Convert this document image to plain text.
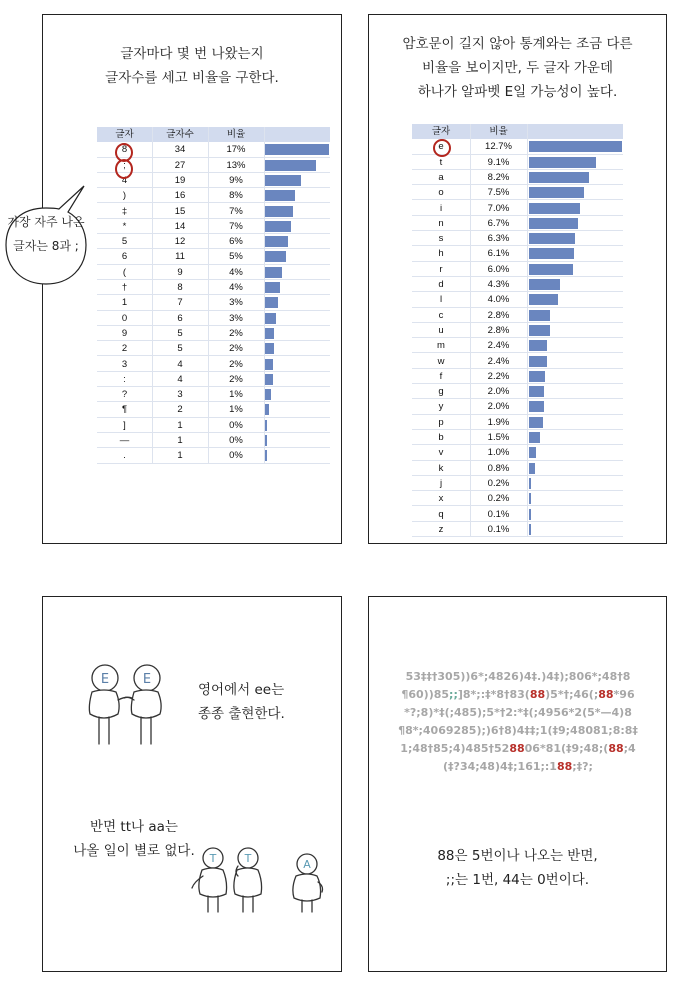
글자마다 몇 번 나왔는지
글자수를 세고 비율을 구한다.
글자	글자수	비율
8	34	17%
;	27	13%
4	19	9%
)	16	8%
‡	15	7%
*	14	7%
5	12	6%
6	11	5%
(	9	4%
†	8	4%
1	7	3%
0	6	3%
9	5	2%
2	5	2%
3	4	2%
:	4	2%
?	3	1%
¶	2	1%
]	1	0%
—	1	0%
.	1	0%
가장 자주 나온
글자는 8과 ;
암호문이 길지 않아 통계와는 조금 다른
비율을 보이지만, 두 글자 가운데
하나가 알파벳 E일 가능성이 높다.
글자	비율
e	12.7%
t	9.1%
a	8.2%
o	7.5%
i	7.0%
n	6.7%
s	6.3%
h	6.1%
r	6.0%
d	4.3%
l	4.0%
c	2.8%
u	2.8%
m	2.4%
w	2.4%
f	2.2%
g	2.0%
y	2.0%
p	1.9%
b	1.5%
v	1.0%
k	0.8%
j	0.2%
x	0.2%
q	0.1%
z	0.1%
E	E
T	T	A
영어에서 ee는
종종 출현한다.
반면 tt나 aa는
나올 일이 별로 없다.
53‡‡†305))6*;4826)4‡.)4‡);806*;48†8
¶60))85;;]8*;:‡*8†83(88)5*†;46(;88*96
*?;8)*‡(;485);5*†2:*‡(;4956*2(5*—4)8
¶8*;4069285);)6†8)4‡‡;1(‡9;48081;8:8‡
1;48†85;4)485†528806*81(‡9;48;(88;4
(‡?34;48)4‡;161;:188;‡?;
88은 5번이나 나오는 반면,
;;는 1번, 44는 0번이다.
